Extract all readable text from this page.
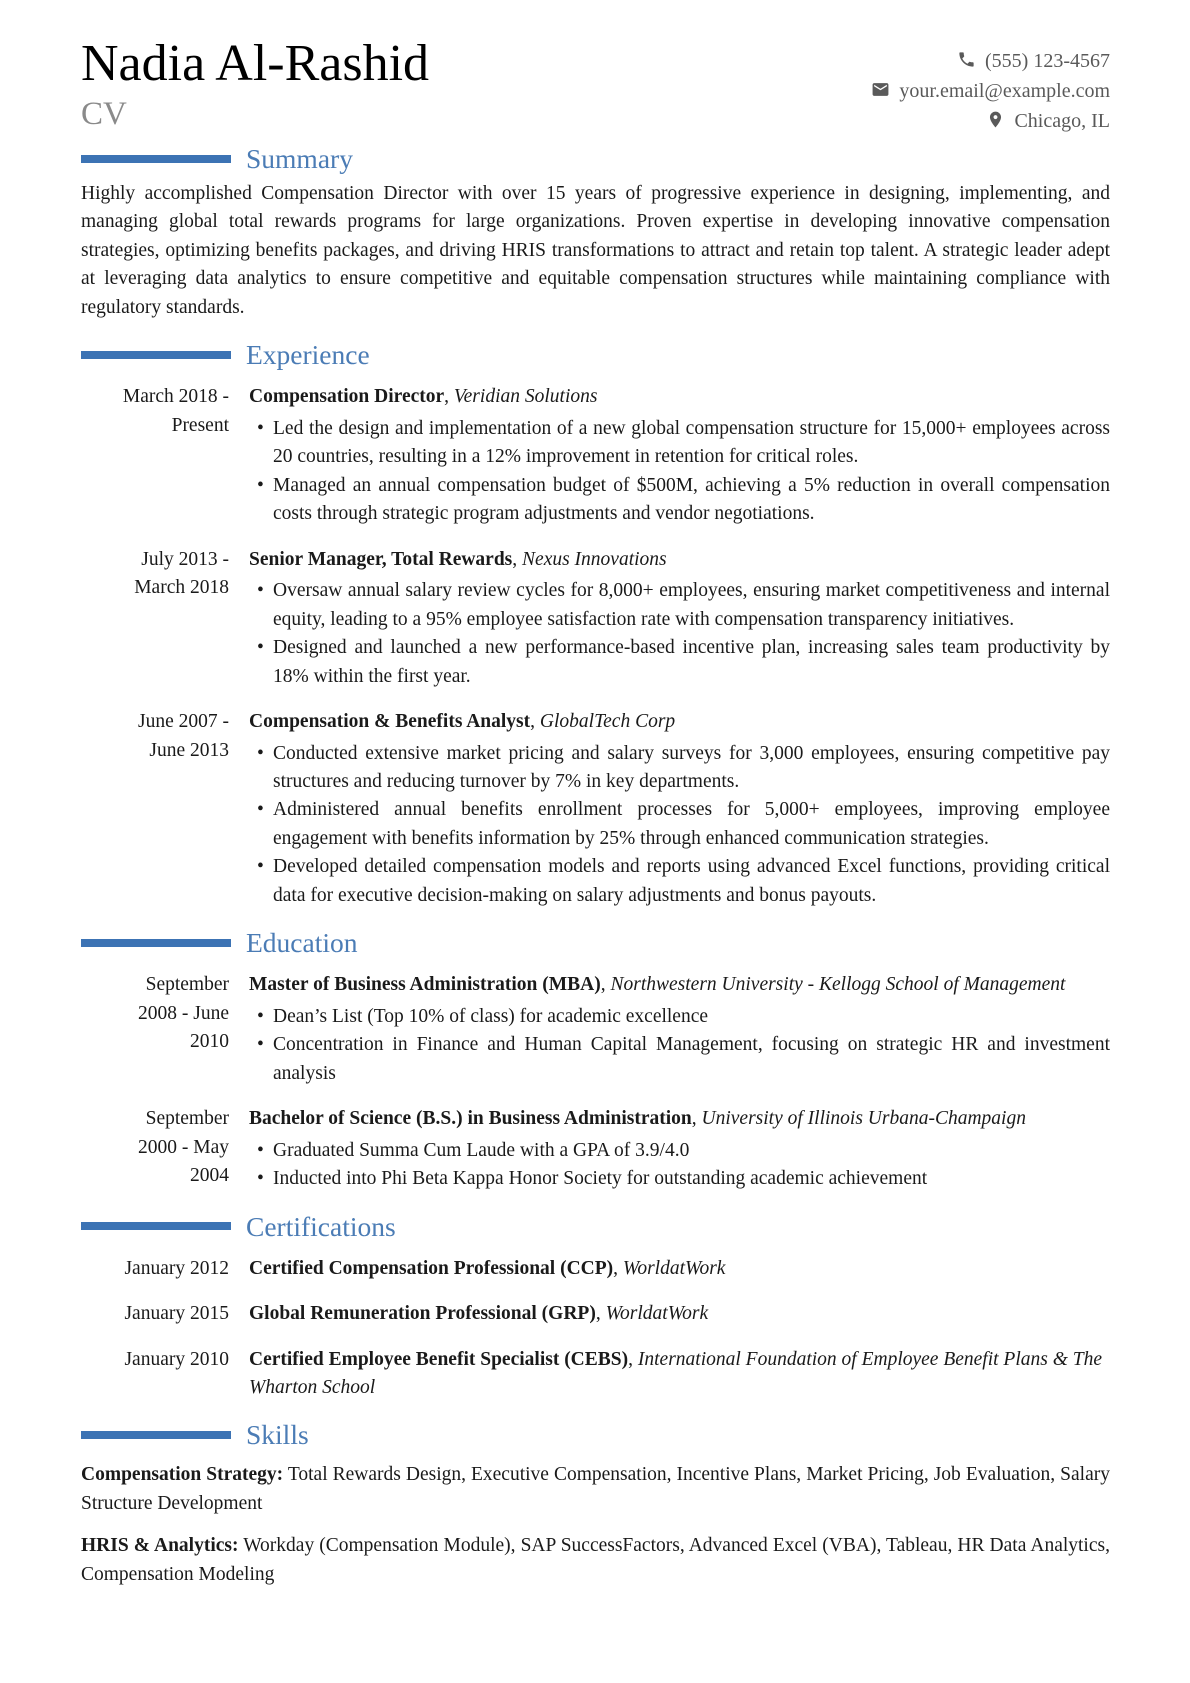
Nadia Al-Rashid
CV
(555) 123-4567
your.email@example.com
Chicago, IL
Summary

Highly accomplished Compensation Director with over 15 years of progressive experience in designing, implementing, and managing global total rewards programs for large organizations. Proven expertise in developing innovative compensation strategies, optimizing benefits packages, and driving HRIS transformations to attract and retain top talent. A strategic leader adept at leveraging data analytics to ensure competitive and equitable compensation structures while maintaining compliance with regulatory standards.

Experience
March 2018 - Present
Compensation Director, Veridian Solutions
• Led the design and implementation of a new global compensation structure for 15,000+ employees across 20 countries, resulting in a 12% improvement in retention for critical roles.
• Managed an annual compensation budget of $500M, achieving a 5% reduction in overall compensation costs through strategic program adjustments and vendor negotiations.
July 2013 - March 2018
Senior Manager, Total Rewards, Nexus Innovations
• Oversaw annual salary review cycles for 8,000+ employees, ensuring market competitiveness and internal equity, leading to a 95% employee satisfaction rate with compensation transparency initiatives.
• Designed and launched a new performance-based incentive plan, increasing sales team productivity by 18% within the first year.
June 2007 - June 2013
Compensation & Benefits Analyst, GlobalTech Corp
• Conducted extensive market pricing and salary surveys for 3,000 employees, ensuring competitive pay structures and reducing turnover by 7% in key departments.
• Administered annual benefits enrollment processes for 5,000+ employees, improving employee engagement with benefits information by 25% through enhanced communication strategies.
• Developed detailed compensation models and reports using advanced Excel functions, providing critical data for executive decision-making on salary adjustments and bonus payouts.
Education
September 2008 - June 2010
Master of Business Administration (MBA), Northwestern University - Kellogg School of Management
• Dean’s List (Top 10% of class) for academic excellence
• Concentration in Finance and Human Capital Management, focusing on strategic HR and investment analysis
September 2000 - May 2004
Bachelor of Science (B.S.) in Business Administration, University of Illinois Urbana-Champaign
• Graduated Summa Cum Laude with a GPA of 3.9/4.0
• Inducted into Phi Beta Kappa Honor Society for outstanding academic achievement
Certifications
January 2012 Certified Compensation Professional (CCP), WorldatWork
January 2015 Global Remuneration Professional (GRP), WorldatWork
January 2010 Certified Employee Benefit Specialist (CEBS), International Foundation of Employee Benefit Plans & The Wharton School
Skills

Compensation Strategy: Total Rewards Design, Executive Compensation, Incentive Plans, Market Pricing, Job Evaluation, Salary Structure Development

HRIS & Analytics: Workday (Compensation Module), SAP SuccessFactors, Advanced Excel (VBA), Tableau, HR Data Analytics, Compensation Modeling
